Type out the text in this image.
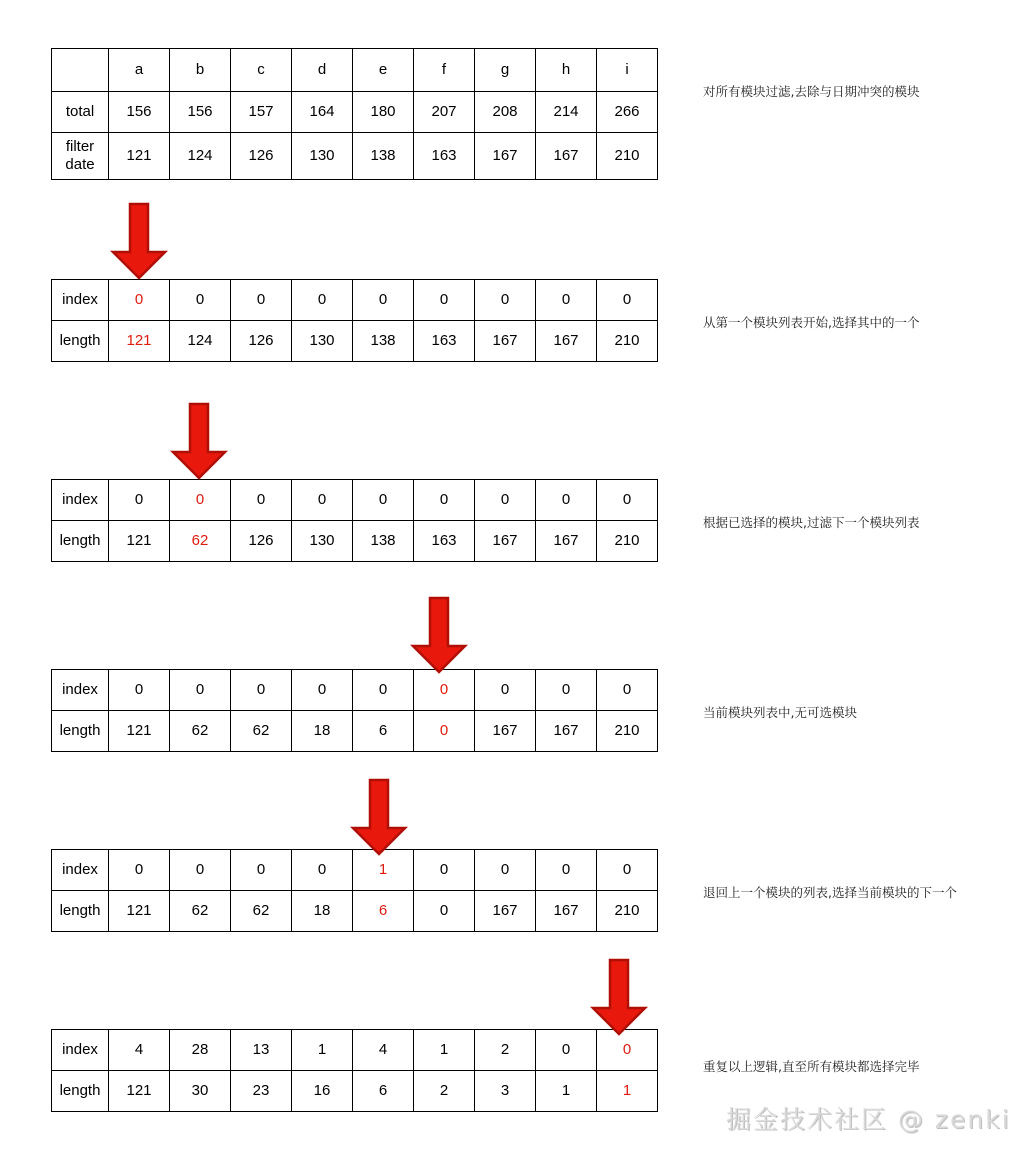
	a	b	c	d	e	f	g	h	i
total	156	156	157	164	180	207	208	214	266
filter
date	121	124	126	130	138	163	167	167	210
index	0	0	0	0	0	0	0	0	0
length	121	124	126	130	138	163	167	167	210
index	0	0	0	0	0	0	0	0	0
length	121	62	126	130	138	163	167	167	210
index	0	0	0	0	0	0	0	0	0
length	121	62	62	18	6	0	167	167	210
index	0	0	0	0	1	0	0	0	0
length	121	62	62	18	6	0	167	167	210
index	4	28	13	1	4	1	2	0	0
length	121	30	23	16	6	2	3	1	1
对所有模块过滤,去除与日期冲突的模块
从第一个模块列表开始,选择其中的一个
根据已选择的模块,过滤下一个模块列表
当前模块列表中,无可选模块
退回上一个模块的列表,选择当前模块的下一个
重复以上逻辑,直至所有模块都选择完毕
掘金技术社区 @ zenki
